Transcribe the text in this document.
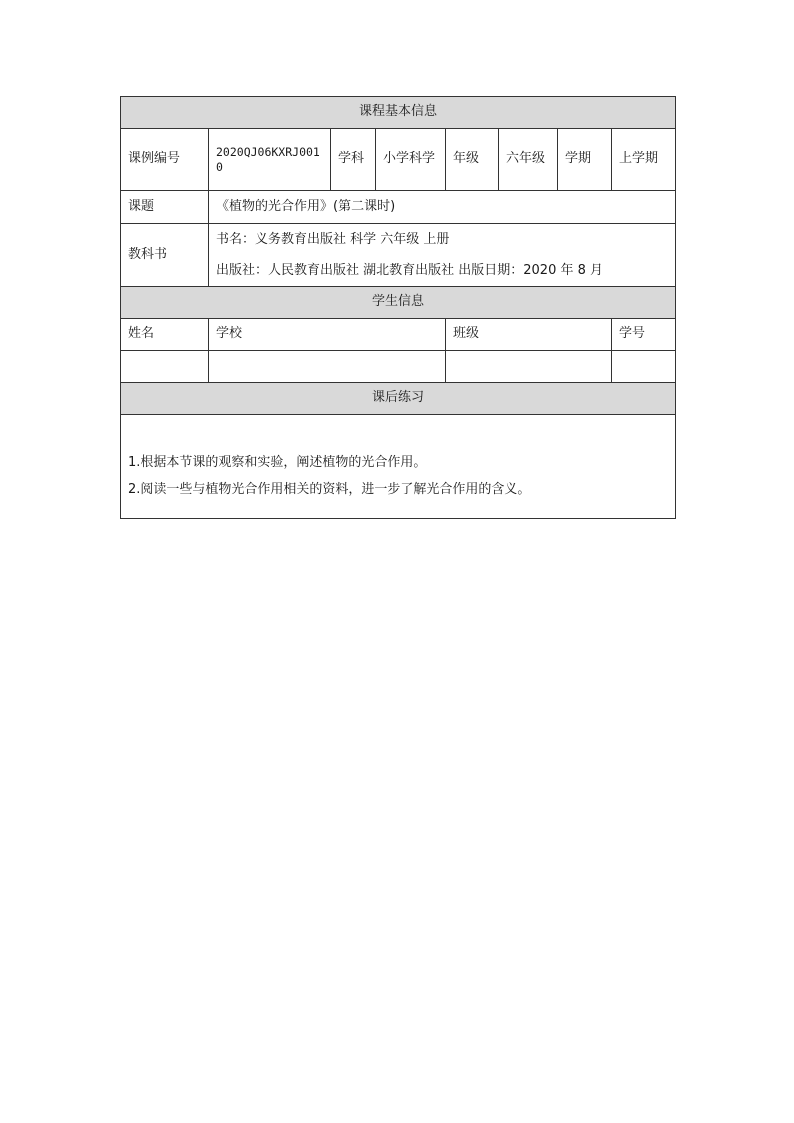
课程基本信息							
课例编号	2020QJ06KXRJ0010	学科	小学科学	年级	六年级	学期	上学期
课题	《植物的光合作用》(第二课时)						
教科书	书名：义务教育出版社 科学 六年级 上册
出版社：人民教育出版社 湖北教育出版社 出版日期：2020 年 8 月						

学生信息							
姓名	学校			班级			学号

课后练习							

1.根据本节课的观察和实验，阐述植物的光合作用。
2.阅读一些与植物光合作用相关的资料，进一步了解光合作用的含义。							
